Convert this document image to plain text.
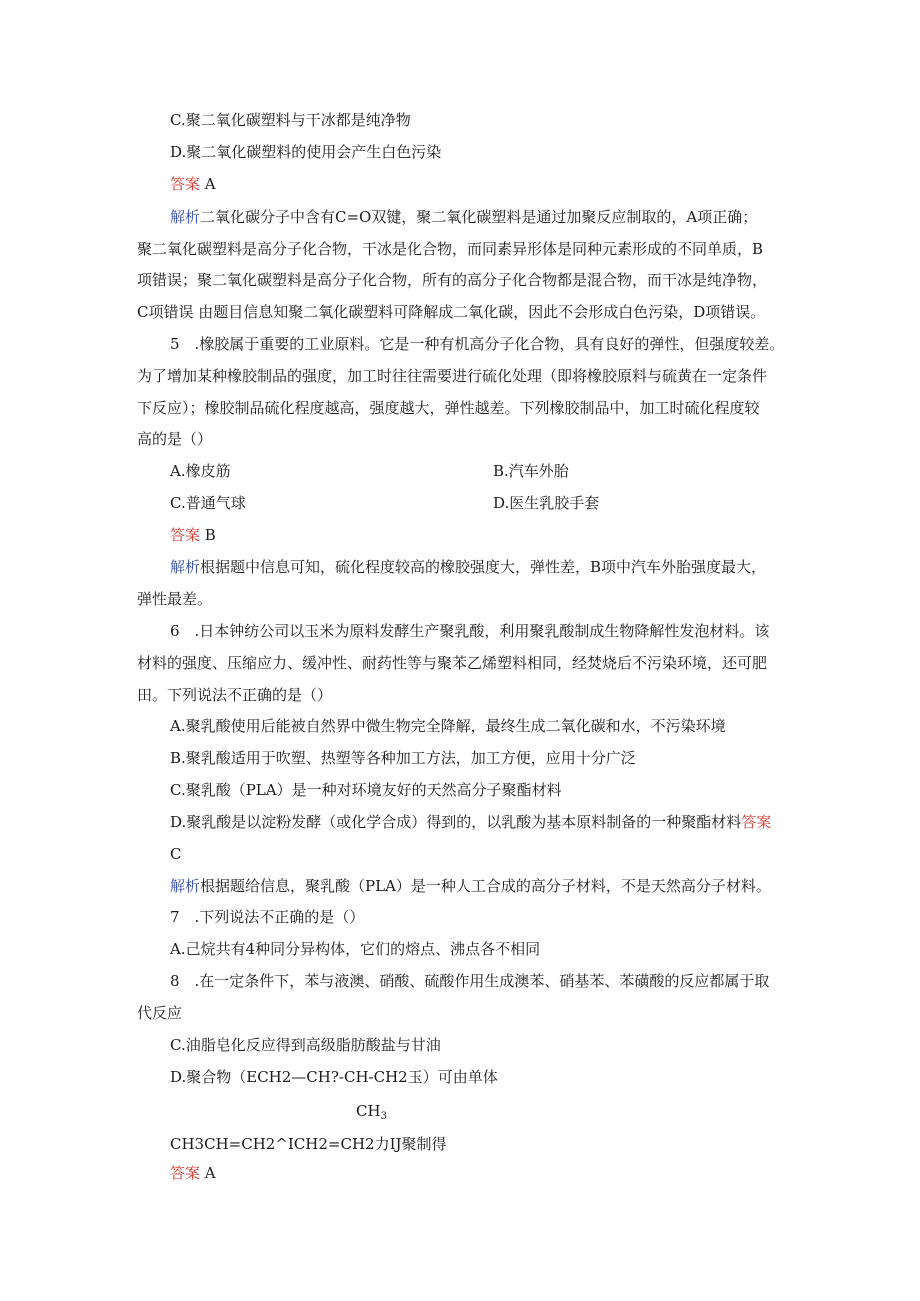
C.聚二氧化碳塑料与干冰都是纯净物
D.聚二氧化碳塑料的使用会产生白色污染
答案 A
解析二氧化碳分子中含有C=O双键，聚二氧化碳塑料是通过加聚反应制取的，A项正确；
聚二氧化碳塑料是高分子化合物，干冰是化合物，而同素异形体是同种元素形成的不同单质，B
项错误；聚二氧化碳塑料是高分子化合物，所有的高分子化合物都是混合物，而干冰是纯净物，
C项错误 由题目信息知聚二氧化碳塑料可降解成二氧化碳，因此不会形成白色污染，D项错误。
5　.橡胶属于重要的工业原料。它是一种有机高分子化合物，具有良好的弹性，但强度较差。
为了增加某种橡胶制品的强度，加工时往往需要进行硫化处理（即将橡胶原料与硫黄在一定条件
下反应）；橡胶制品硫化程度越高，强度越大，弹性越差。下列橡胶制品中，加工时硫化程度较
高的是（）
A.橡皮筋	B.汽车外胎
C.普通气球	D.医生乳胶手套
答案 B
解析根据题中信息可知，硫化程度较高的橡胶强度大，弹性差，B项中汽车外胎强度最大，
弹性最差。
6　.日本钟纺公司以玉米为原料发酵生产聚乳酸，利用聚乳酸制成生物降解性发泡材料。该
材料的强度、压缩应力、缓冲性、耐药性等与聚苯乙烯塑料相同，经焚烧后不污染环境，还可肥
田。下列说法不正确的是（）
A.聚乳酸使用后能被自然界中微生物完全降解，最终生成二氧化碳和水，不污染环境
B.聚乳酸适用于吹塑、热塑等各种加工方法，加工方便，应用十分广泛
C.聚乳酸（PLA）是一种对环境友好的天然高分子聚酯材料
D.聚乳酸是以淀粉发酵（或化学合成）得到的，以乳酸为基本原料制备的一种聚酯材料答案
C
解析根据题给信息，聚乳酸（PLA）是一种人工合成的高分子材料，不是天然高分子材料。
7　.下列说法不正确的是（）
A.己烷共有4种同分异构体，它们的熔点、沸点各不相同
8　.在一定条件下，苯与液澳、硝酸、硫酸作用生成澳苯、硝基苯、苯磺酸的反应都属于取
代反应
C.油脂皂化反应得到高级脂肪酸盐与甘油
D.聚合物（ECH2—CH?-CH-CH2玉）可由单体
$CH_3$
CH3CH=CH2^ICH2=CH2力IJ聚制得
答案 A
